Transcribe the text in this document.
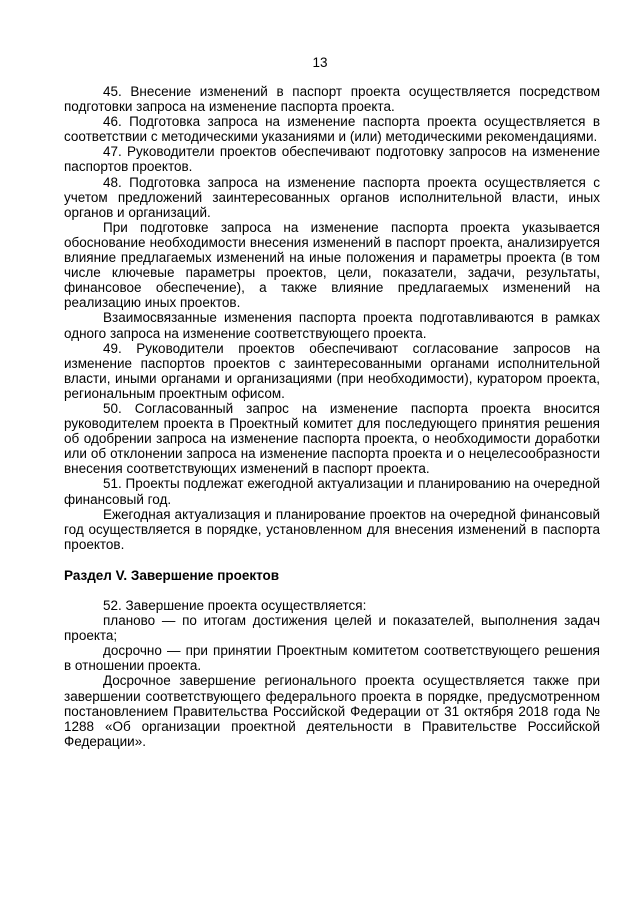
13

45. Внесение изменений в паспорт проекта осуществляется посредством подготовки запроса на изменение паспорта проекта.

46. Подготовка запроса на изменение паспорта проекта осуществляется в соответствии с методическими указаниями и (или) методическими рекомендациями.

47. Руководители проектов обеспечивают подготовку запросов на изменение паспортов проектов.

48. Подготовка запроса на изменение паспорта проекта осуществляется с учетом предложений заинтересованных органов исполнительной власти, иных органов и организаций.

При подготовке запроса на изменение паспорта проекта указывается обоснование необходимости внесения изменений в паспорт проекта, анализируется влияние предлагаемых изменений на иные положения и параметры проекта (в том числе ключевые параметры проектов, цели, показатели, задачи, результаты, финансовое обеспечение), а также влияние предлагаемых изменений на реализацию иных проектов.

Взаимосвязанные изменения паспорта проекта подготавливаются в рамках одного запроса на изменение соответствующего проекта.

49. Руководители проектов обеспечивают согласование запросов на изменение паспортов проектов с заинтересованными органами исполнительной власти, иными органами и организациями (при необходимости), куратором проекта, региональным проектным офисом.

50. Согласованный запрос на изменение паспорта проекта вносится руководителем проекта в Проектный комитет для последующего принятия решения об одобрении запроса на изменение паспорта проекта, о необходимости доработки или об отклонении запроса на изменение паспорта проекта и о нецелесообразности внесения соответствующих изменений в паспорт проекта.

51. Проекты подлежат ежегодной актуализации и планированию на очередной финансовый год.

Ежегодная актуализация и планирование проектов на очередной финансовый год осуществляется в порядке, установленном для внесения изменений в паспорта проектов.

Раздел V. Завершение проектов

52. Завершение проекта осуществляется:

планово — по итогам достижения целей и показателей, выполнения задач проекта;

досрочно — при принятии Проектным комитетом соответствующего решения в отношении проекта.

Досрочное завершение регионального проекта осуществляется также при завершении соответствующего федерального проекта в порядке, предусмотренном постановлением Правительства Российской Федерации от 31 октября 2018 года № 1288 «Об организации проектной деятельности в Правительстве Российской Федерации».
